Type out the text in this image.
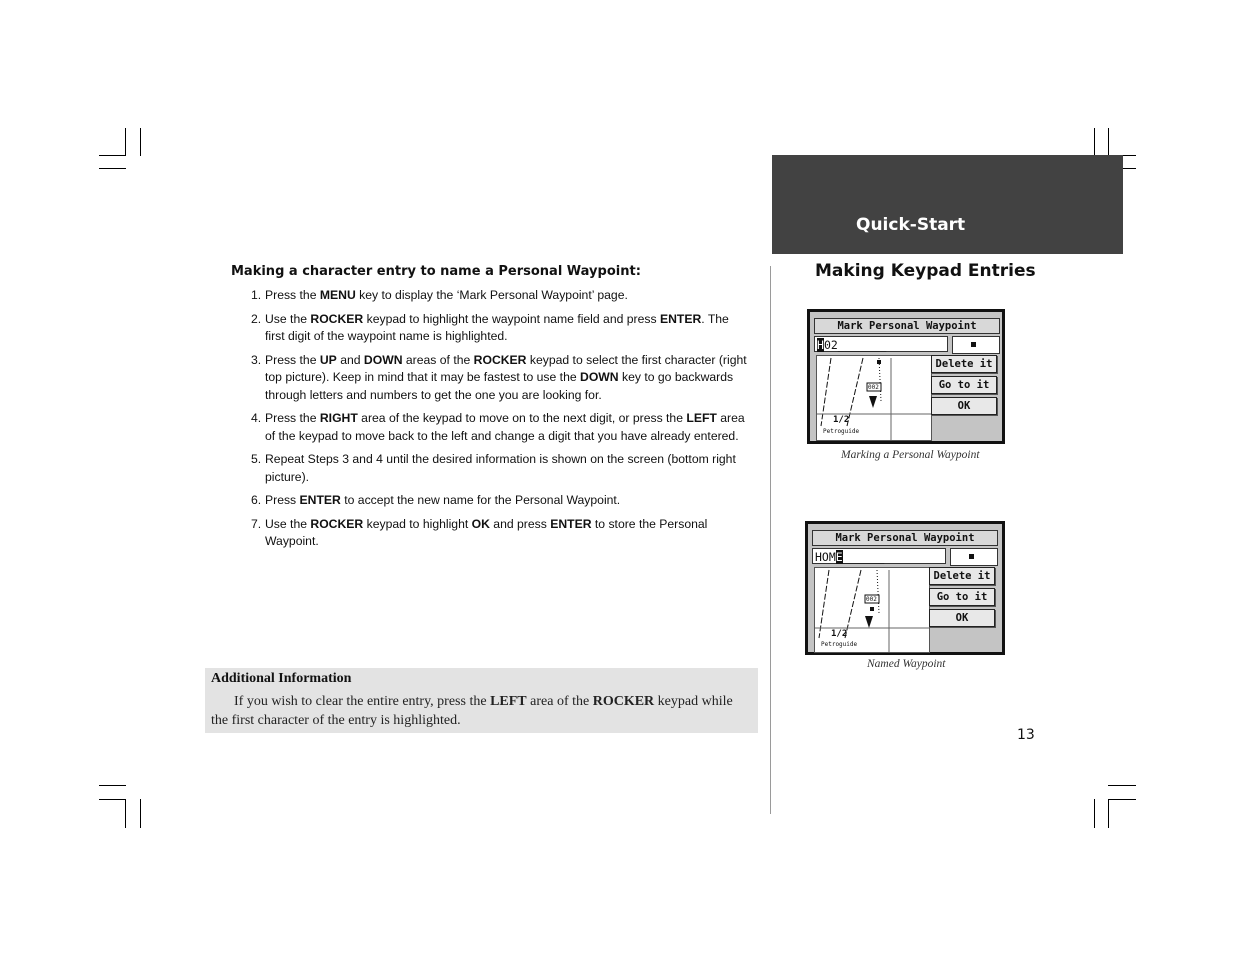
Quick-Start
Making Keypad Entries
Making a character entry to name a Personal Waypoint:
1. Press the MENU key to display the ‘Mark Personal Waypoint’ page.
2. Use the ROCKER keypad to highlight the waypoint name field and press ENTER. The first digit of the waypoint name is highlighted.
3. Press the UP and DOWN areas of the ROCKER keypad to select the first character (right top picture). Keep in mind that it may be fastest to use the DOWN key to go backwards through letters and numbers to get the one you are looking for.
4. Press the RIGHT area of the keypad to move on to the next digit, or press the LEFT area of the keypad to move back to the left and change a digit that you have already entered.
5. Repeat Steps 3 and 4 until the desired information is shown on the screen (bottom right picture).
6. Press ENTER to accept the new name for the Personal Waypoint.
7. Use the ROCKER keypad to highlight OK and press ENTER to store the Personal Waypoint.
Additional Information
If you wish to clear the entire entry, press the LEFT area of the ROCKER keypad while the first character of the entry is highlighted.
Mark Personal Waypoint
H02_______
002
1/2
Petroguide
Delete it
Go to it
OK
Marking a Personal Waypoint
Mark Personal Waypoint
HOME______
002
1/2
Petroguide
Delete it
Go to it
OK
Named Waypoint
13
